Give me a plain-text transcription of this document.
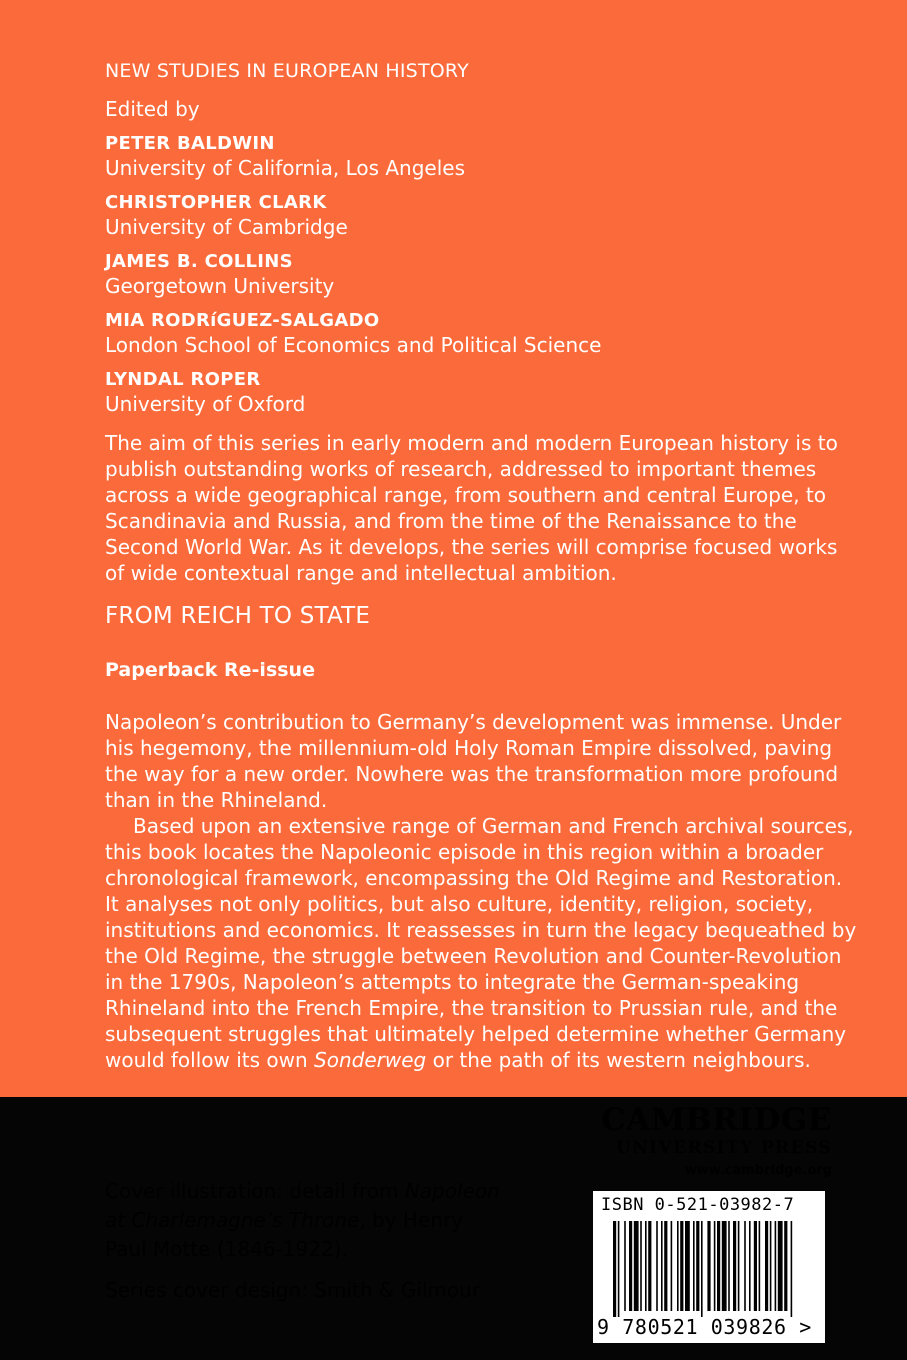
NEW STUDIES IN EUROPEAN HISTORY
Edited by
PETER BALDWIN
University of California, Los Angeles
CHRISTOPHER CLARK
University of Cambridge
JAMES B. COLLINS
Georgetown University
MIA RODRíGUEZ-SALGADO
London School of Economics and Political Science
LYNDAL ROPER
University of Oxford
The aim of this series in early modern and modern European history is to
publish outstanding works of research, addressed to important themes
across a wide geographical range, from southern and central Europe, to
Scandinavia and Russia, and from the time of the Renaissance to the
Second World War. As it develops, the series will comprise focused works
of wide contextual range and intellectual ambition.
FROM REICH TO STATE
Paperback Re-issue
Napoleon’s contribution to Germany’s development was immense. Under
his hegemony, the millennium-old Holy Roman Empire dissolved, paving
the way for a new order. Nowhere was the transformation more profound
than in the Rhineland.
Based upon an extensive range of German and French archival sources,
this book locates the Napoleonic episode in this region within a broader
chronological framework, encompassing the Old Regime and Restoration.
It analyses not only politics, but also culture, identity, religion, society,
institutions and economics. It reassesses in turn the legacy bequeathed by
the Old Regime, the struggle between Revolution and Counter-Revolution
in the 1790s, Napoleon’s attempts to integrate the German-speaking
Rhineland into the French Empire, the transition to Prussian rule, and the
subsequent struggles that ultimately helped determine whether Germany
would follow its own Sonderweg or the path of its western neighbours.
Cover illustration: detail from Napoleon
at Charlemagne’s Throne, by Henry
Paul Motte (1846-1922).
Series cover design: Smith & Gilmour
CAMBRIDGE
UNIVERSITY PRESS
www.cambridge.org
ISBN 0-521-03982-7
9 780521 039826 >
